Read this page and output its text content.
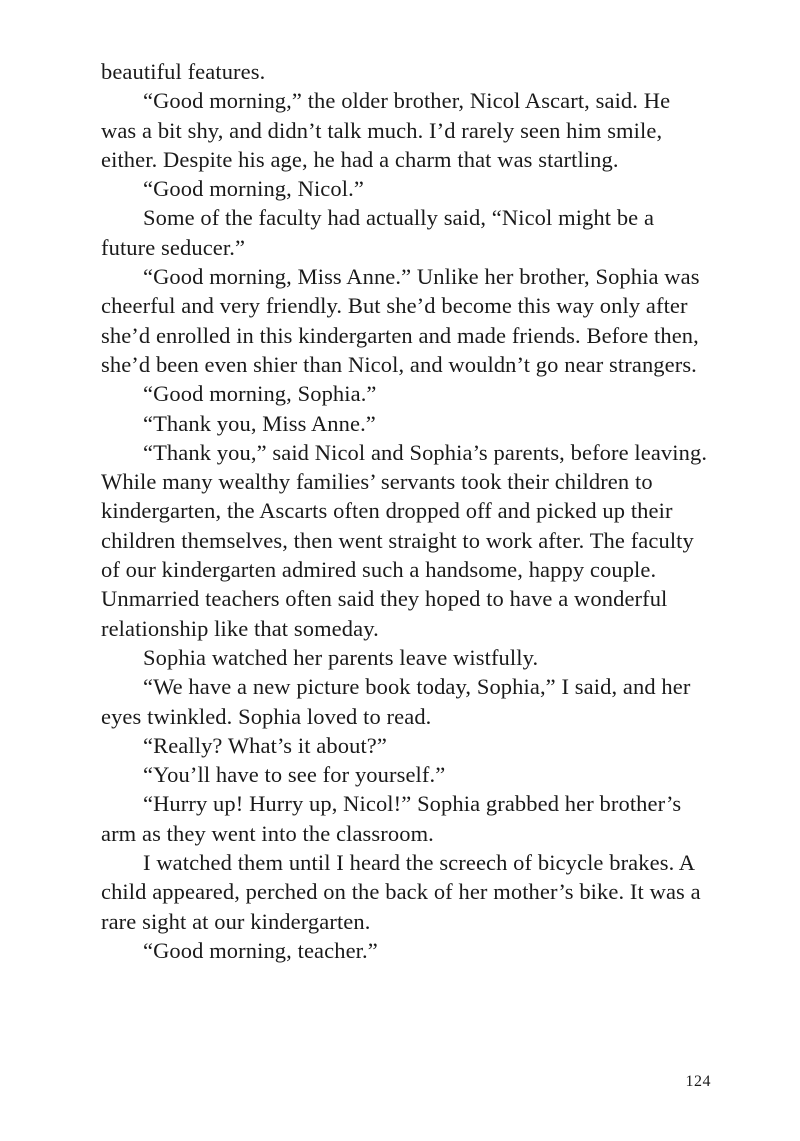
beautiful features.

“Good morning,” the older brother, Nicol Ascart, said. He was a bit shy, and didn’t talk much. I’d rarely seen him smile, either. Despite his age, he had a charm that was startling.

“Good morning, Nicol.”

Some of the faculty had actually said, “Nicol might be a future seducer.”

“Good morning, Miss Anne.” Unlike her brother, Sophia was cheerful and very friendly. But she’d become this way only after she’d enrolled in this kindergarten and made friends. Before then, she’d been even shier than Nicol, and wouldn’t go near strangers.

“Good morning, Sophia.”

“Thank you, Miss Anne.”

“Thank you,” said Nicol and Sophia’s parents, before leaving. While many wealthy families’ servants took their children to kindergarten, the Ascarts often dropped off and picked up their children themselves, then went straight to work after. The faculty of our kindergarten admired such a handsome, happy couple. Unmarried teachers often said they hoped to have a wonderful relationship like that someday.

Sophia watched her parents leave wistfully.

“We have a new picture book today, Sophia,” I said, and her eyes twinkled. Sophia loved to read.

“Really? What’s it about?”

“You’ll have to see for yourself.”

“Hurry up! Hurry up, Nicol!” Sophia grabbed her brother’s arm as they went into the classroom.

I watched them until I heard the screech of bicycle brakes. A child appeared, perched on the back of her mother’s bike. It was a rare sight at our kindergarten.

“Good morning, teacher.”

124
